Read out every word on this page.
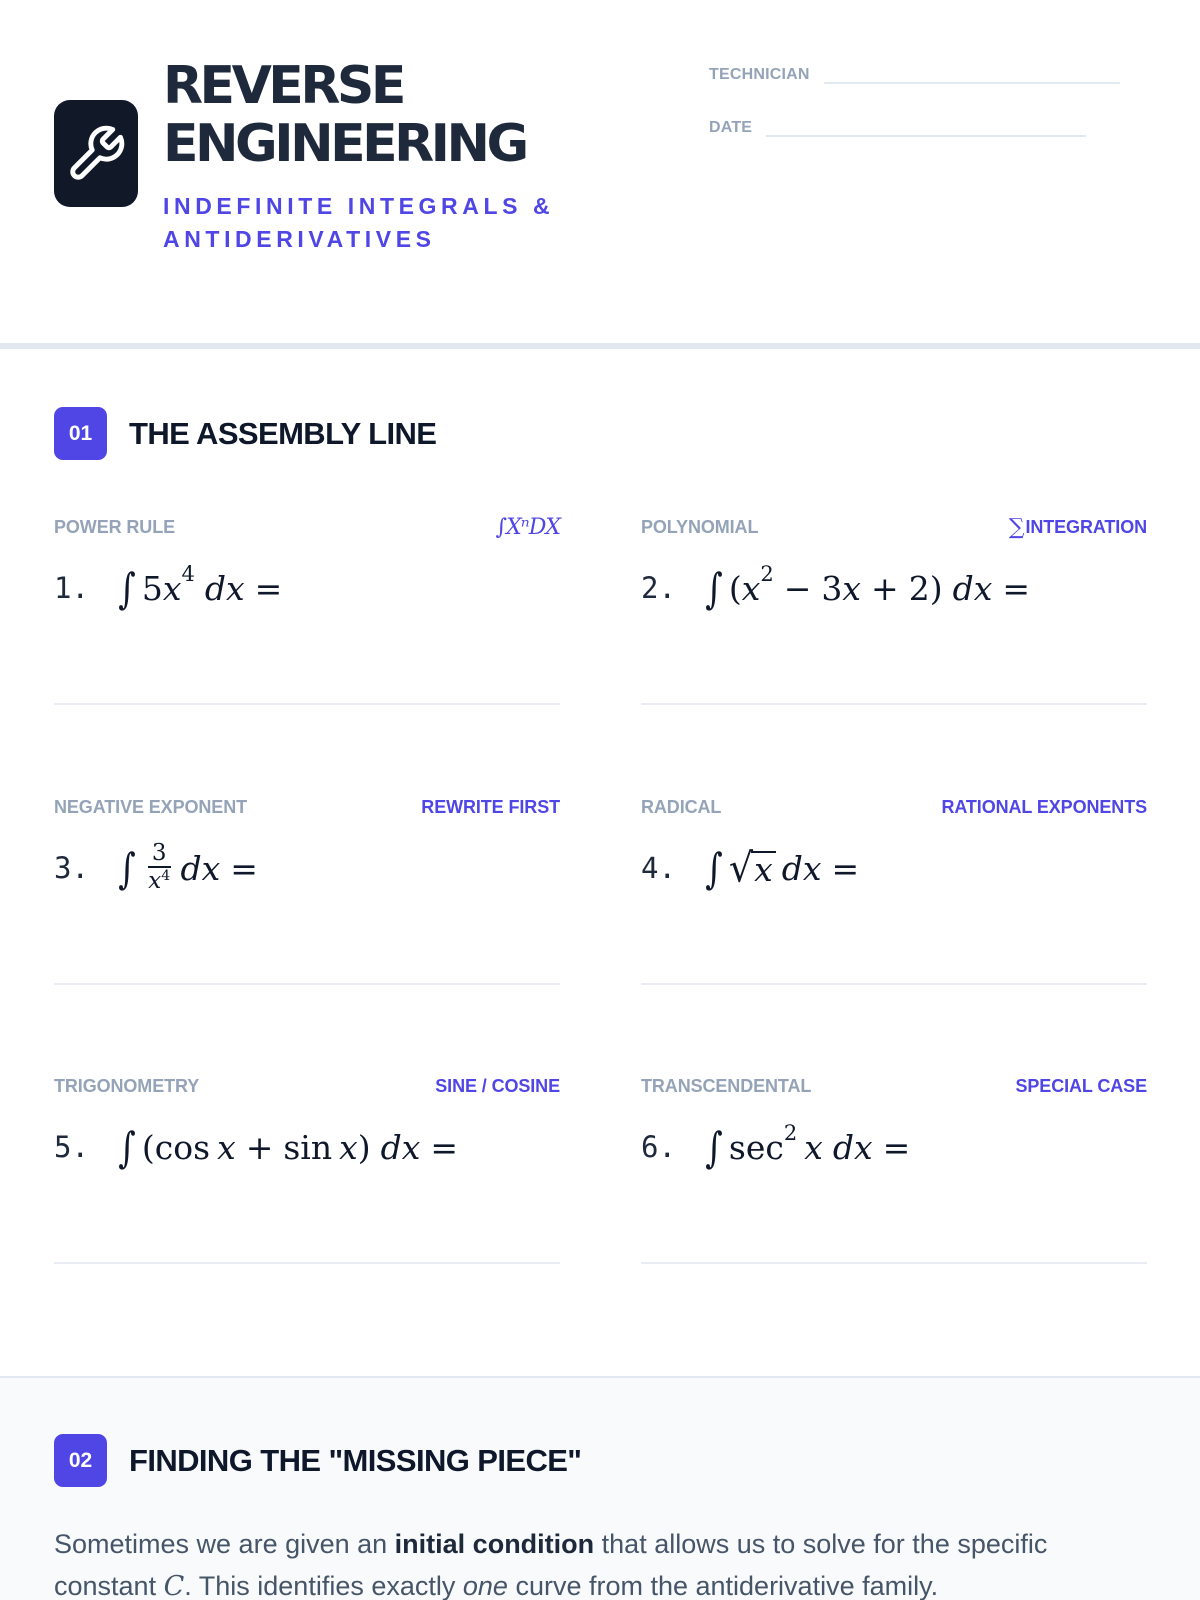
REVERSE
ENGINEERING
INDEFINITE INTEGRALS & ANTIDERIVATIVES
TECHNICIAN
DATE
01	THE ASSEMBLY LINE
POWER RULE	∫XⁿDX
1. ∫ 5 $x^4$ dx =
POLYNOMIAL	∑ INTEGRATION
2. ∫ ( $x^2 - 3$ x + 2) dx =
NEGATIVE EXPONENT	REWRITE FIRST
3. ∫ $\frac{3}{x^4}$ dx =
RADICAL	RATIONAL EXPONENTS
4. ∫ √ x dx =
TRIGONOMETRY	SINE / COSINE
5. ∫ (cos x + sin x ) dx =
TRANSCENDENTAL	SPECIAL CASE
6. ∫ $\sec^2 x$ dx =
02	FINDING THE "MISSING PIECE"

Sometimes we are given an initial condition that allows us to solve for the specific constant C. This identifies exactly one curve from the antiderivative family.
